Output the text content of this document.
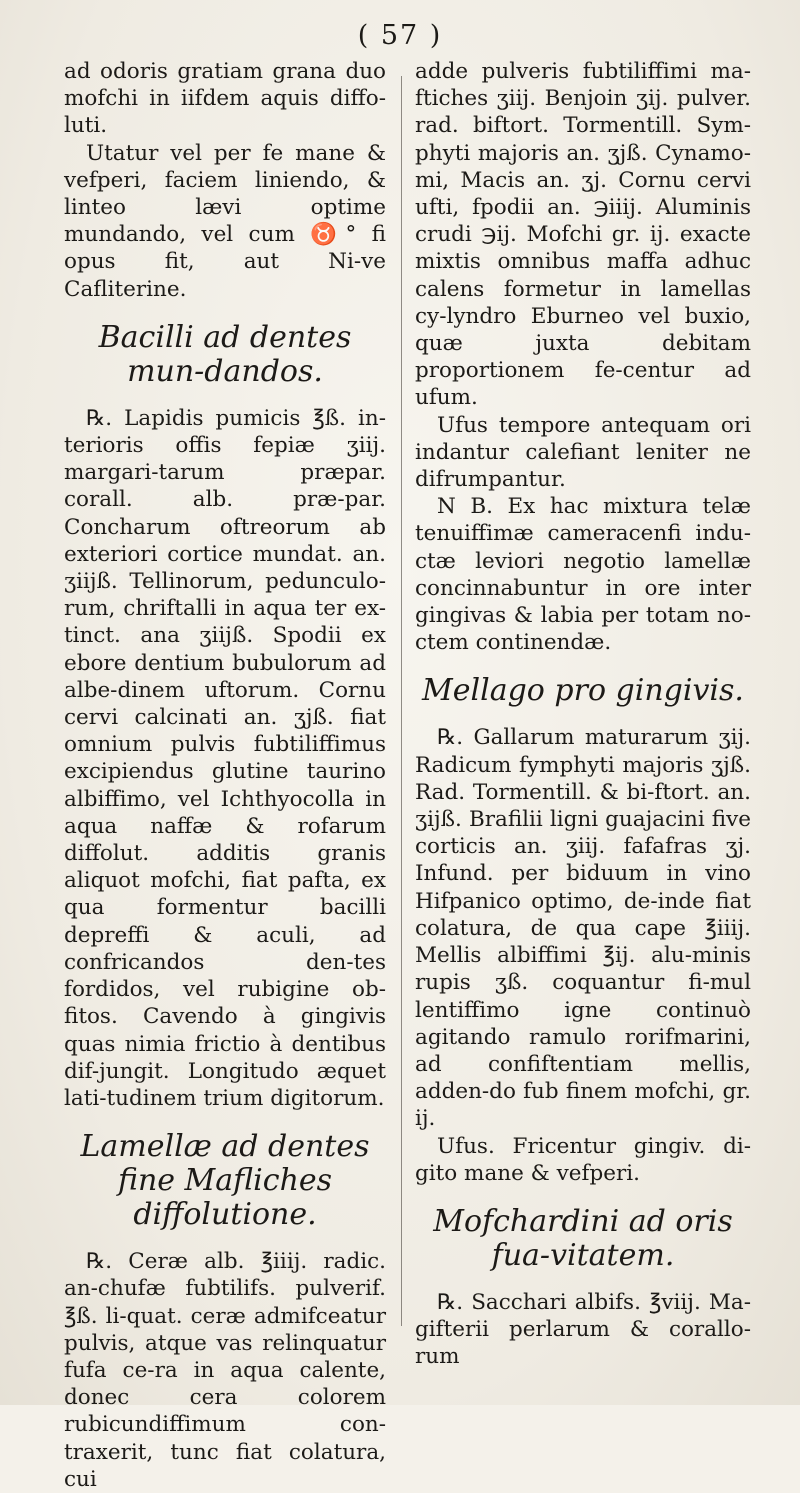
( 57 )

ad odoris gratiam grana duo mofchi in iifdem aquis diffo-luti.

Utatur vel per fe mane & vefperi, faciem liniendo, & linteo lævi optime mundando, vel cum ♉° fi opus fit, aut Ni-ve Cafliterine.

Bacilli ad dentes mun-dandos.

℞. Lapidis pumicis ℥ß. in-terioris offis fepiæ ʒiij. margari-tarum præpar. corall. alb. præ-par. Concharum oftreorum ab exteriori cortice mundat. an. ʒiijß. Tellinorum, pedunculo-rum, chriftalli in aqua ter ex-tinct. ana ʒiijß. Spodii ex ebore dentium bubulorum ad albe-dinem uftorum. Cornu cervi calcinati an. ʒjß. fiat omnium pulvis fubtiliffimus excipiendus glutine taurino albiffimo, vel Ichthyocolla in aqua naffæ & rofarum diffolut. additis granis aliquot mofchi, fiat pafta, ex qua formentur bacilli depreffi & aculi, ad confricandos den-tes fordidos, vel rubigine ob-fitos. Cavendo à gingivis quas nimia frictio à dentibus dif-jungit. Longitudo æquet lati-tudinem trium digitorum.

Lamellæ ad dentes fine Mafliches diffolutione.

℞. Ceræ alb. ℥iiij. radic. an-chufæ fubtilifs. pulverif. ℥ß. li-quat. ceræ admifceatur pulvis, atque vas relinquatur fufa ce-ra in aqua calente, donec cera colorem rubicundiffimum con-traxerit, tunc fiat colatura, cui

adde pulveris fubtiliffimi ma-ftiches ʒiij. Benjoin ʒij. pulver. rad. biftort. Tormentill. Sym-phyti majoris an. ʒjß. Cynamo-mi, Macis an. ʒj. Cornu cervi ufti, fpodii an. ℈iiij. Aluminis crudi ℈ij. Mofchi gr. ij. exacte mixtis omnibus maffa adhuc calens formetur in lamellas cy-lyndro Eburneo vel buxio, quæ juxta debitam proportionem fe-centur ad ufum.

Ufus tempore antequam ori indantur calefiant leniter ne difrumpantur.

N B. Ex hac mixtura telæ tenuiffimæ cameracenfi indu-ctæ leviori negotio lamellæ concinnabuntur in ore inter gingivas & labia per totam no-ctem continendæ.

Mellago pro gingivis.

℞. Gallarum maturarum ʒij. Radicum fymphyti majoris ʒjß. Rad. Tormentill. & bi-ftort. an. ʒijß. Brafilii ligni guajacini five corticis an. ʒiij. fafafras ʒj. Infund. per biduum in vino Hifpanico optimo, de-inde fiat colatura, de qua cape ℥iiij. Mellis albiffimi ℥ij. alu-minis rupis ʒß. coquantur fi-mul lentiffimo igne continuò agitando ramulo rorifmarini, ad confiftentiam mellis, adden-do fub finem mofchi, gr. ij.

Ufus. Fricentur gingiv. di-gito mane & vefperi.

Mofchardini ad oris fua-vitatem.

℞. Sacchari albifs. ℥viij. Ma-gifterii perlarum & corallo-rum
